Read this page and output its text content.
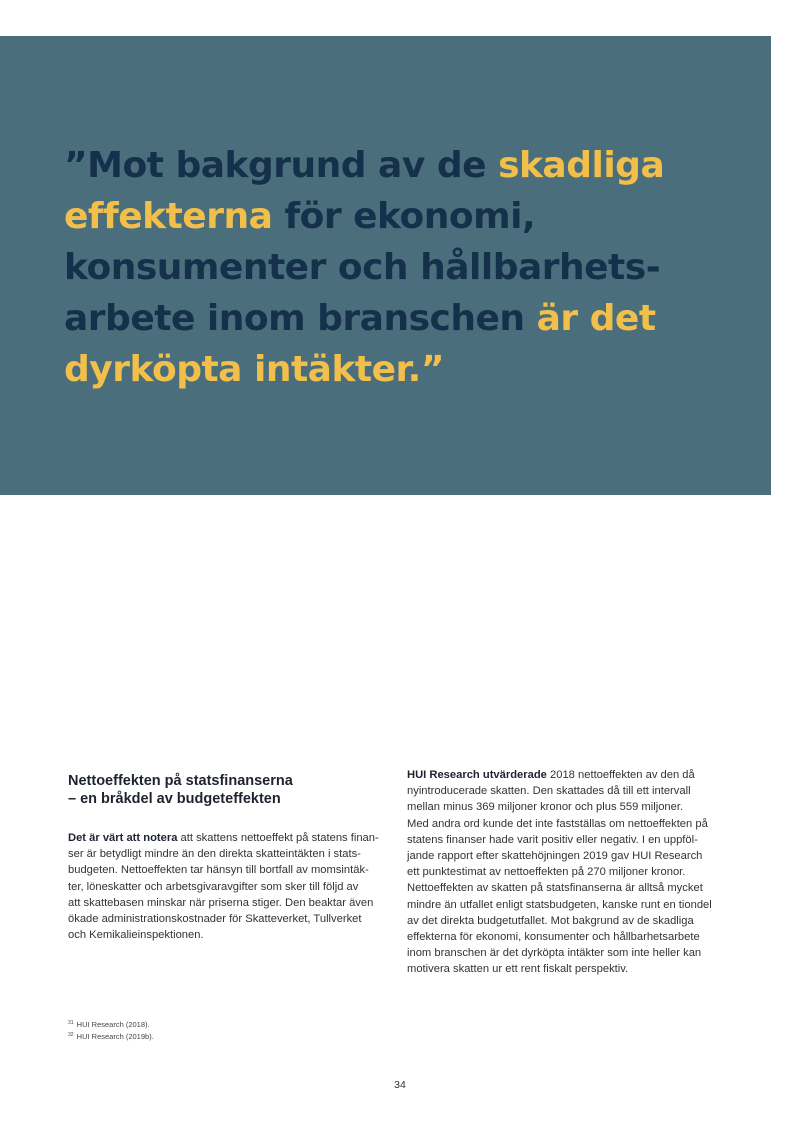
”Mot bakgrund av de skadliga
effekterna för ekonomi,
konsumenter och hållbarhets-
arbete inom branschen är det
dyrköpta intäkter.”

Nettoeffekten på statsfinanserna
– en bråkdel av budgeteffekten

Det är värt att notera att skattens nettoeffekt på statens finan-
ser är betydligt mindre än den direkta skatteintäkten i stats-
budgeten. Nettoeffekten tar hänsyn till bortfall av momsintäk-
ter, löneskatter och arbetsgivaravgifter som sker till följd av
att skattebasen minskar när priserna stiger. Den beaktar även
ökade administrationskostnader för Skatteverket, Tullverket
och Kemikalieinspektionen.

HUI Research utvärderade 2018 nettoeffekten av den då
nyintroducerade skatten. Den skattades då till ett intervall
mellan minus 369 miljoner kronor och plus 559 miljoner.
Med andra ord kunde det inte fastställas om nettoeffekten på
statens finanser hade varit positiv eller negativ. I en uppföl-
jande rapport efter skattehöjningen 2019 gav HUI Research
ett punktestimat av nettoeffekten på 270 miljoner kronor.
Nettoeffekten av skatten på statsfinanserna är alltså mycket
mindre än utfallet enligt statsbudgeten, kanske runt en tiondel
av det direkta budgetutfallet. Mot bakgrund av de skadliga
effekterna för ekonomi, konsumenter och hållbarhetsarbete
inom branschen är det dyrköpta intäkter som inte heller kan
motivera skatten ur ett rent fiskalt perspektiv.

$^{31}$ HUI Research (2018).
$^{32}$ HUI Research (2019b).
34
